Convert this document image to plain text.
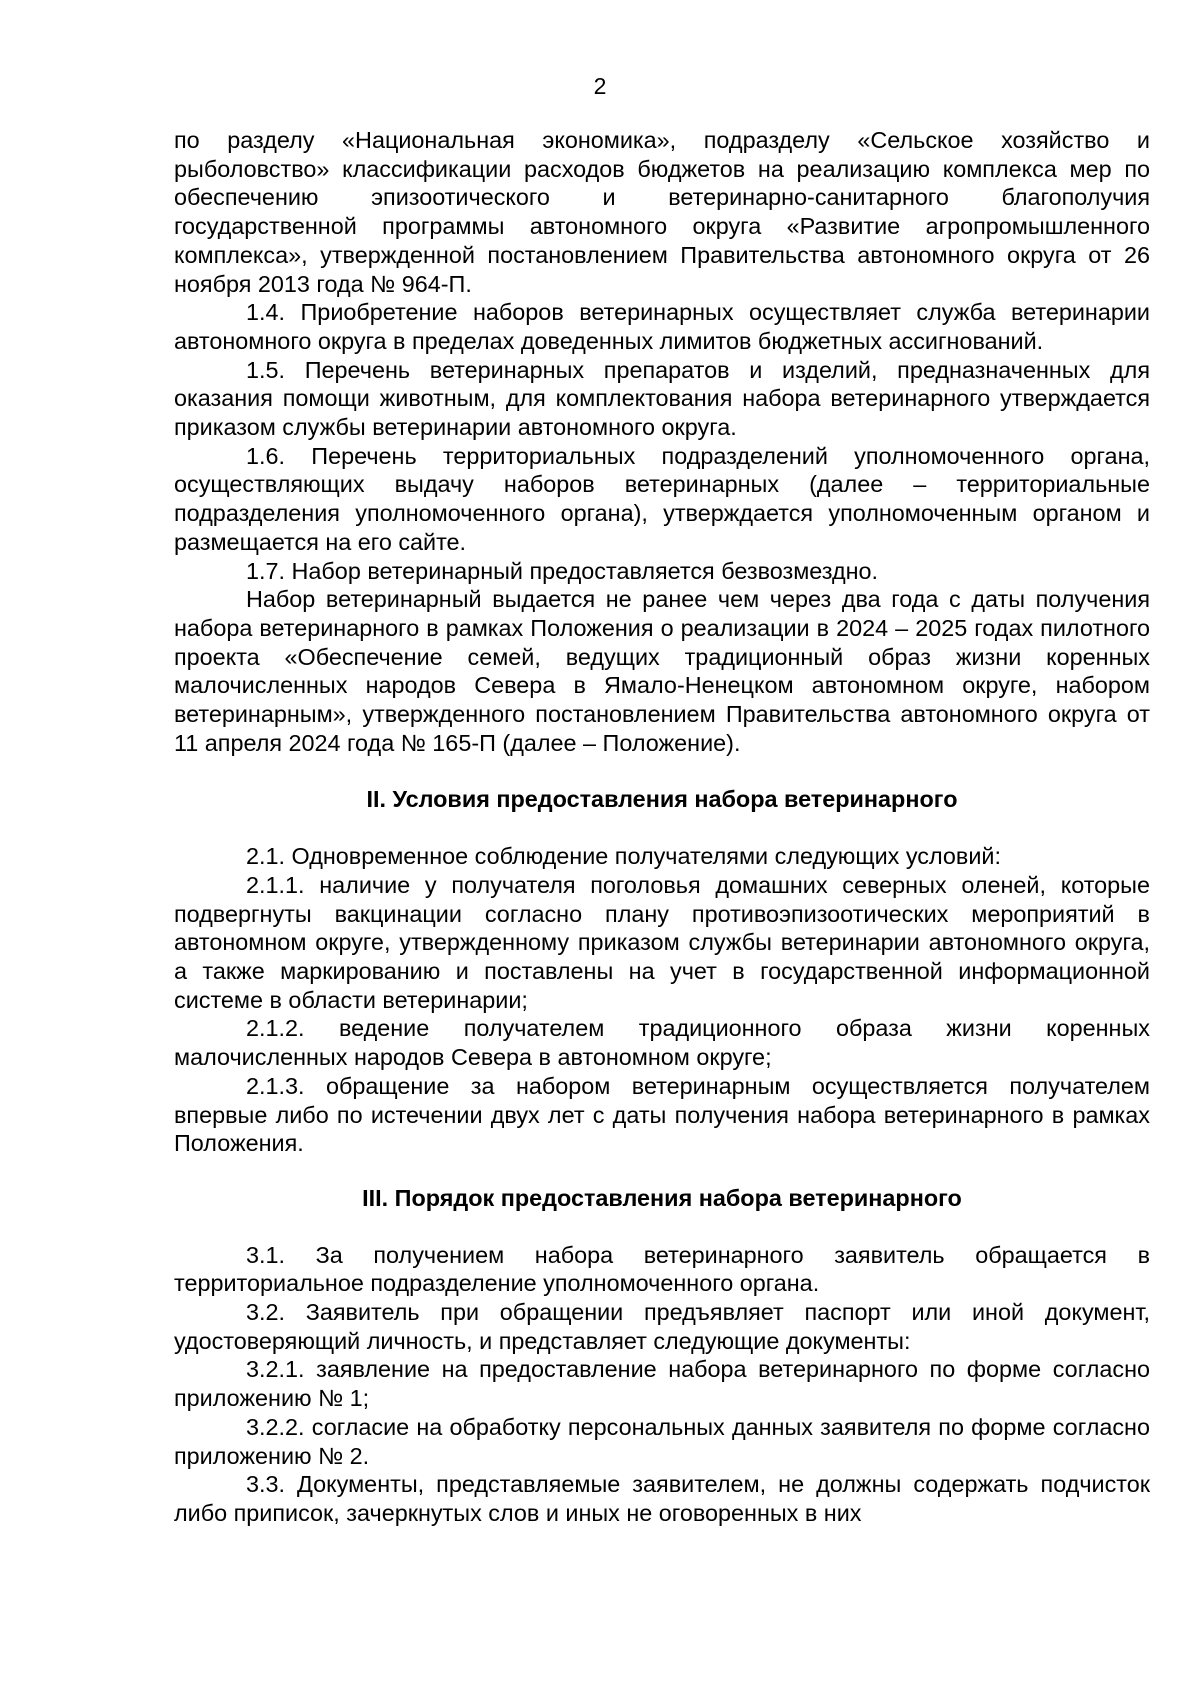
2

по разделу «Национальная экономика», подразделу «Сельское хозяйство и рыболовство» классификации расходов бюджетов на реализацию комплекса мер по обеспечению эпизоотического и ветеринарно-санитарного благополучия государственной программы автономного округа «Развитие агропромышленного комплекса», утвержденной постановлением Правительства автономного округа от 26 ноября 2013 года № 964-П.

1.4. Приобретение наборов ветеринарных осуществляет служба ветеринарии автономного округа в пределах доведенных лимитов бюджетных ассигнований.

1.5. Перечень ветеринарных препаратов и изделий, предназначенных для оказания помощи животным, для комплектования набора ветеринарного утверждается приказом службы ветеринарии автономного округа.

1.6. Перечень территориальных подразделений уполномоченного органа, осуществляющих выдачу наборов ветеринарных (далее – территориальные подразделения уполномоченного органа), утверждается уполномоченным органом и размещается на его сайте.

1.7. Набор ветеринарный предоставляется безвозмездно.

Набор ветеринарный выдается не ранее чем через два года с даты получения набора ветеринарного в рамках Положения о реализации в 2024 – 2025 годах пилотного проекта «Обеспечение семей, ведущих традиционный образ жизни коренных малочисленных народов Севера в Ямало-Ненецком автономном округе, набором ветеринарным», утвержденного постановлением Правительства автономного округа от 11 апреля 2024 года № 165-П (далее – Положение).

II. Условия предоставления набора ветеринарного

2.1. Одновременное соблюдение получателями следующих условий:

2.1.1. наличие у получателя поголовья домашних северных оленей, которые подвергнуты вакцинации согласно плану противоэпизоотических мероприятий в автономном округе, утвержденному приказом службы ветеринарии автономного округа, а также маркированию и поставлены на учет в государственной информационной системе в области ветеринарии;

2.1.2. ведение получателем традиционного образа жизни коренных малочисленных народов Севера в автономном округе;

2.1.3. обращение за набором ветеринарным осуществляется получателем впервые либо по истечении двух лет с даты получения набора ветеринарного в рамках Положения.

III. Порядок предоставления набора ветеринарного

3.1. За получением набора ветеринарного заявитель обращается в территориальное подразделение уполномоченного органа.

3.2. Заявитель при обращении предъявляет паспорт или иной документ, удостоверяющий личность, и представляет следующие документы:

3.2.1. заявление на предоставление набора ветеринарного по форме согласно приложению № 1;

3.2.2. согласие на обработку персональных данных заявителя по форме согласно приложению № 2.

3.3. Документы, представляемые заявителем, не должны содержать подчисток либо приписок, зачеркнутых слов и иных не оговоренных в них
